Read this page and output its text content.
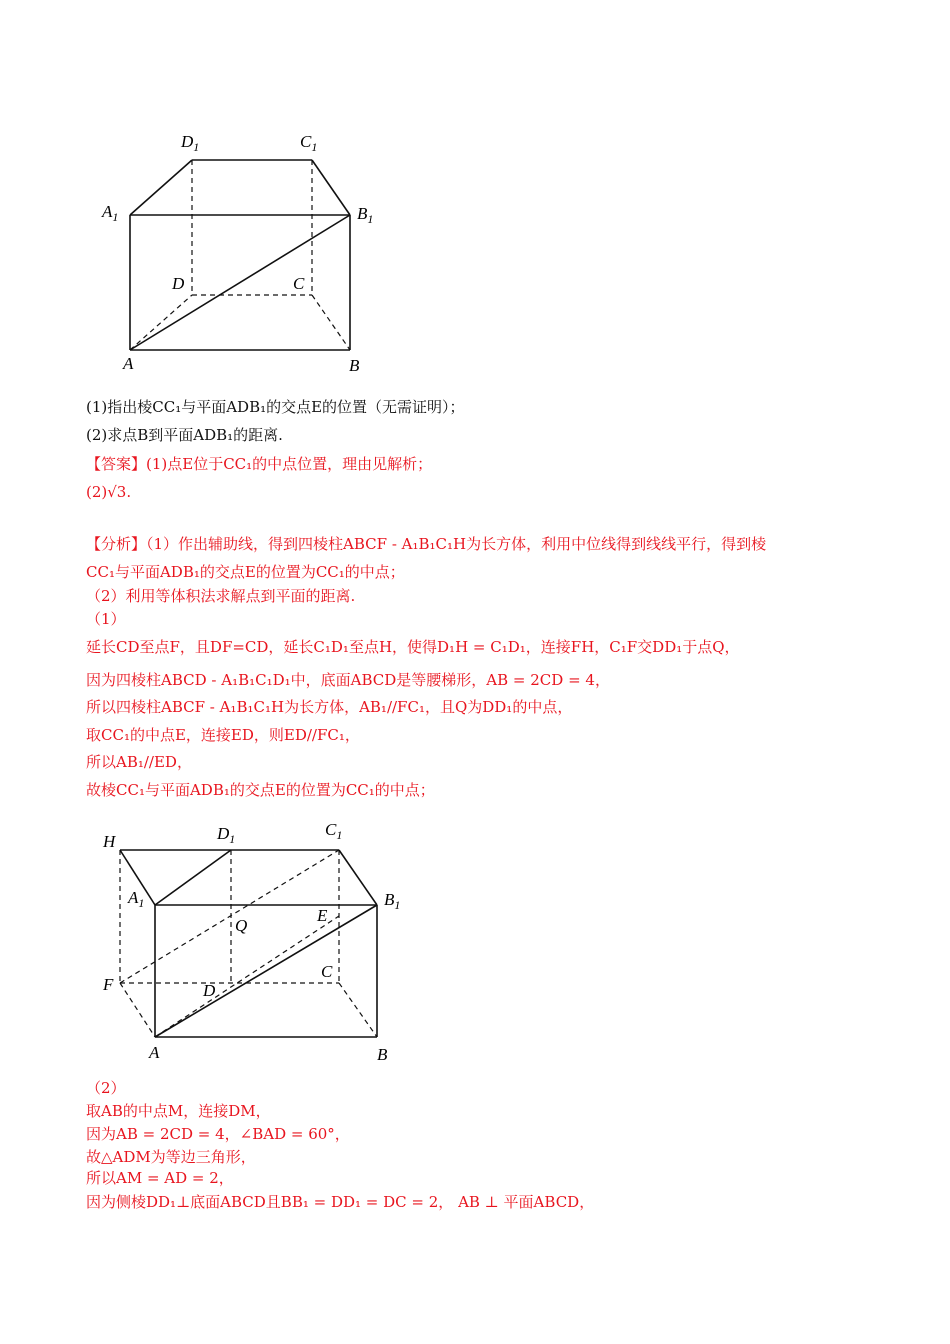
$D_1$	$C_1$
$A_1$	$B_1$
D	C
A	B
(1)指出棱CC₁与平面ADB₁的交点E的位置（无需证明）；
(2)求点B到平面ADB₁的距离.
【答案】(1)点E位于CC₁的中点位置，理由见解析；
(2)√3.
【分析】（1）作出辅助线，得到四棱柱ABCF - A₁B₁C₁H为长方体，利用中位线得到线线平行，得到棱
CC₁与平面ADB₁的交点E的位置为CC₁的中点；
（2）利用等体积法求解点到平面的距离.
（1）
延长CD至点F，且DF=CD，延长C₁D₁至点H，使得D₁H = C₁D₁，连接FH，C₁F交DD₁于点Q，
因为四棱柱ABCD - A₁B₁C₁D₁中，底面ABCD是等腰梯形，AB = 2CD = 4，
所以四棱柱ABCF - A₁B₁C₁H为长方体，AB₁//FC₁，且Q为DD₁的中点，
取CC₁的中点E，连接ED，则ED//FC₁，
所以AB₁//ED，
故棱CC₁与平面ADB₁的交点E的位置为CC₁的中点；
H	$D_1$	$C_1$
$A_1$	$B_1$
Q
E
C
F	D
A	B
（2）
取AB的中点M，连接DM，
因为AB = 2CD = 4，∠BAD = 60°，
故△ADM为等边三角形，
所以AM = AD = 2，
因为侧棱DD₁⊥底面ABCD且BB₁ = DD₁ = DC = 2， AB ⊥ 平面ABCD，
